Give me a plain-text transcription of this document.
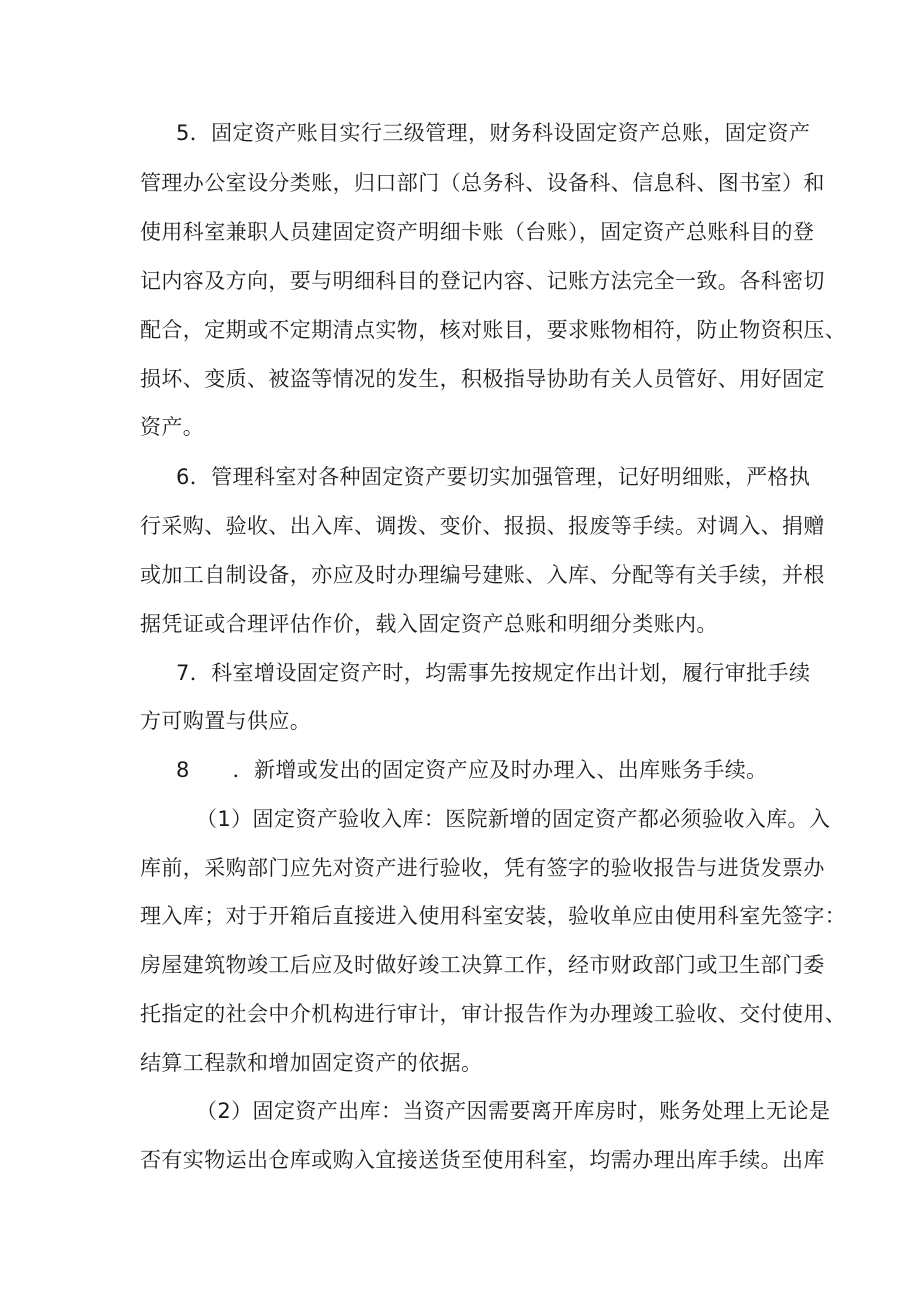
5．固定资产账目实行三级管理，财务科设固定资产总账，固定资产
管理办公室设分类账，归口部门（总务科、设备科、信息科、图书室）和
使用科室兼职人员建固定资产明细卡账（台账），固定资产总账科目的登
记内容及方向，要与明细科目的登记内容、记账方法完全一致。各科密切
配合，定期或不定期清点实物，核对账目，要求账物相符，防止物资积压、
损坏、变质、被盗等情况的发生，积极指导协助有关人员管好、用好固定
资产。
6．管理科室对各种固定资产要切实加强管理，记好明细账，严格执
行采购、验收、出入库、调拨、变价、报损、报废等手续。对调入、捐赠
或加工自制设备，亦应及时办理编号建账、入库、分配等有关手续，并根
据凭证或合理评估作价，载入固定资产总账和明细分类账内。
7．科室增设固定资产时，均需事先按规定作出计划，履行审批手续
方可购置与供应。
8　　．新增或发出的固定资产应及时办理入、出库账务手续。
（1）固定资产验收入库：医院新增的固定资产都必须验收入库。入
库前，采购部门应先对资产进行验收，凭有签字的验收报告与进货发票办
理入库；对于开箱后直接进入使用科室安装，验收单应由使用科室先签字：
房屋建筑物竣工后应及时做好竣工决算工作，经市财政部门或卫生部门委
托指定的社会中介机构进行审计，审计报告作为办理竣工验收、交付使用、
结算工程款和增加固定资产的依据。
（2）固定资产出库：当资产因需要离开库房时，账务处理上无论是
否有实物运出仓库或购入宜接送货至使用科室，均需办理出库手续。出库
